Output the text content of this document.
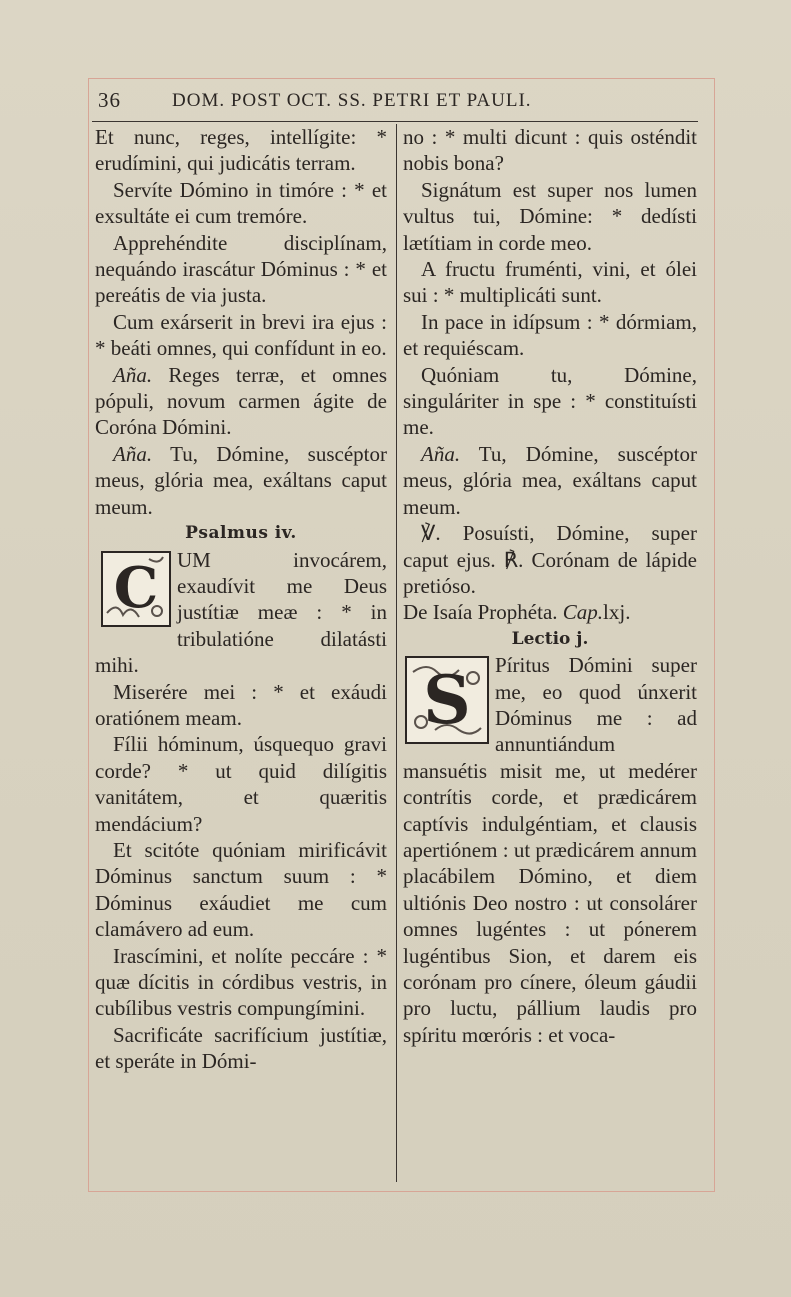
36	DOM. POST OCT. SS. PETRI ET PAULI.

Et nunc, reges, intellígite: * erudímini, qui judicátis terram.

Servíte Dómino in timóre : * et exsultáte ei cum tremóre.

Apprehéndite disciplínam, nequándo irascátur Dóminus : * et pereátis de via justa.

Cum exárserit in brevi ira ejus : * beáti omnes, qui confídunt in eo.

Aña. Reges terræ, et omnes pópuli, novum carmen ágite de Coróna Dómini.

Aña. Tu, Dómine, suscéptor meus, glória mea, exáltans caput meum.

Psalmus iv.
C UM invocárem, exaudívit me Deus justítiæ meæ : * in tribulatióne dilatásti mihi.

Miserére mei : * et exáudi oratiónem meam.

Fílii hóminum, úsquequo gravi corde? * ut quid dilígitis vanitátem, et quæritis mendácium?

Et scitóte quóniam mirificávit Dóminus sanctum suum : * Dóminus exáudiet me cum clamávero ad eum.

Irascímini, et nolíte peccáre : * quæ dícitis in córdibus vestris, in cubílibus vestris compungímini.

Sacrificáte sacrifícium justítiæ, et speráte in Dómi-

no : * multi dicunt : quis osténdit nobis bona?

Signátum est super nos lumen vultus tui, Dómine: * dedísti lætítiam in corde meo.

A fructu fruménti, vini, et ólei sui : * multiplicáti sunt.

In pace in idípsum : * dórmiam, et requiéscam.

Quóniam tu, Dómine, singuláriter in spe : * constituísti me.

Aña. Tu, Dómine, suscéptor meus, glória mea, exáltans caput meum.

℣. Posuísti, Dómine, super caput ejus. ℟. Corónam de lápide pretióso.

De Isaía Prophéta. Cap.lxj.

Lectio j.
S	Píritus Dómini super me, eo quod únxerit Dóminus me : ad annuntiándum mansuétis misit me, ut medérer contrítis corde, et prædicárem captívis indulgéntiam, et clausis apertiónem : ut prædicárem annum placábilem Dómino, et diem ultiónis Deo nostro : ut consolárer omnes lugéntes : ut pónerem lugéntibus Sion, et darem eis corónam pro cínere, óleum gáudii pro luctu, pállium laudis pro spíritu mœróris : et voca-
